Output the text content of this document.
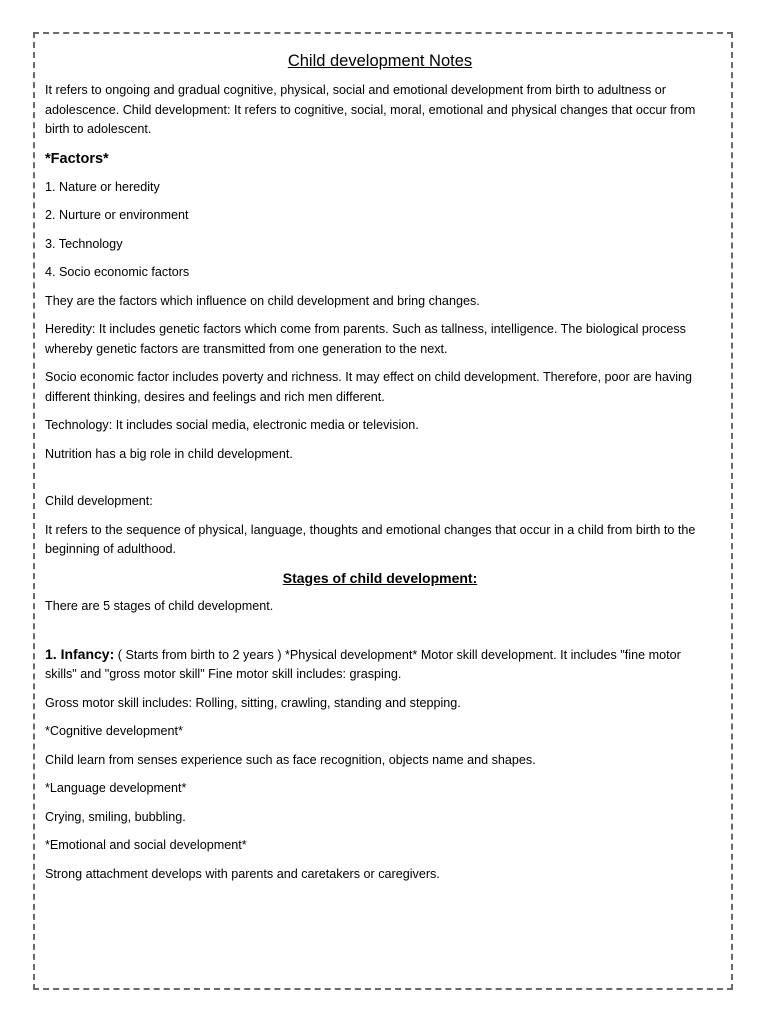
Child development Notes

It refers to ongoing and gradual cognitive, physical, social and emotional development from birth to adultness or adolescence. Child development: It refers to cognitive, social, moral, emotional and physical changes that occur from birth to adolescent.

*Factors*

1. Nature or heredity

2. Nurture or environment

3. Technology

4. Socio economic factors

They are the factors which influence on child development and bring changes.

Heredity: It includes genetic factors which come from parents. Such as tallness, intelligence. The biological process whereby genetic factors are transmitted from one generation to the next.

Socio economic factor includes poverty and richness. It may effect on child development. Therefore, poor are having different thinking, desires and feelings and rich men different.

Technology: It includes social media, electronic media or television.

Nutrition has a big role in child development.

Child development:

It refers to the sequence of physical, language, thoughts and emotional changes that occur in a child from birth to the beginning of adulthood.

Stages of child development:

There are 5 stages of child development.

1. Infancy: ( Starts from birth to 2 years ) *Physical development* Motor skill development. It includes "fine motor skills" and "gross motor skill" Fine motor skill includes: grasping.

Gross motor skill includes: Rolling, sitting, crawling, standing and stepping.

*Cognitive development*

Child learn from senses experience such as face recognition, objects name and shapes.

*Language development*

Crying, smiling, bubbling.

*Emotional and social development*

Strong attachment develops with parents and caretakers or caregivers.
